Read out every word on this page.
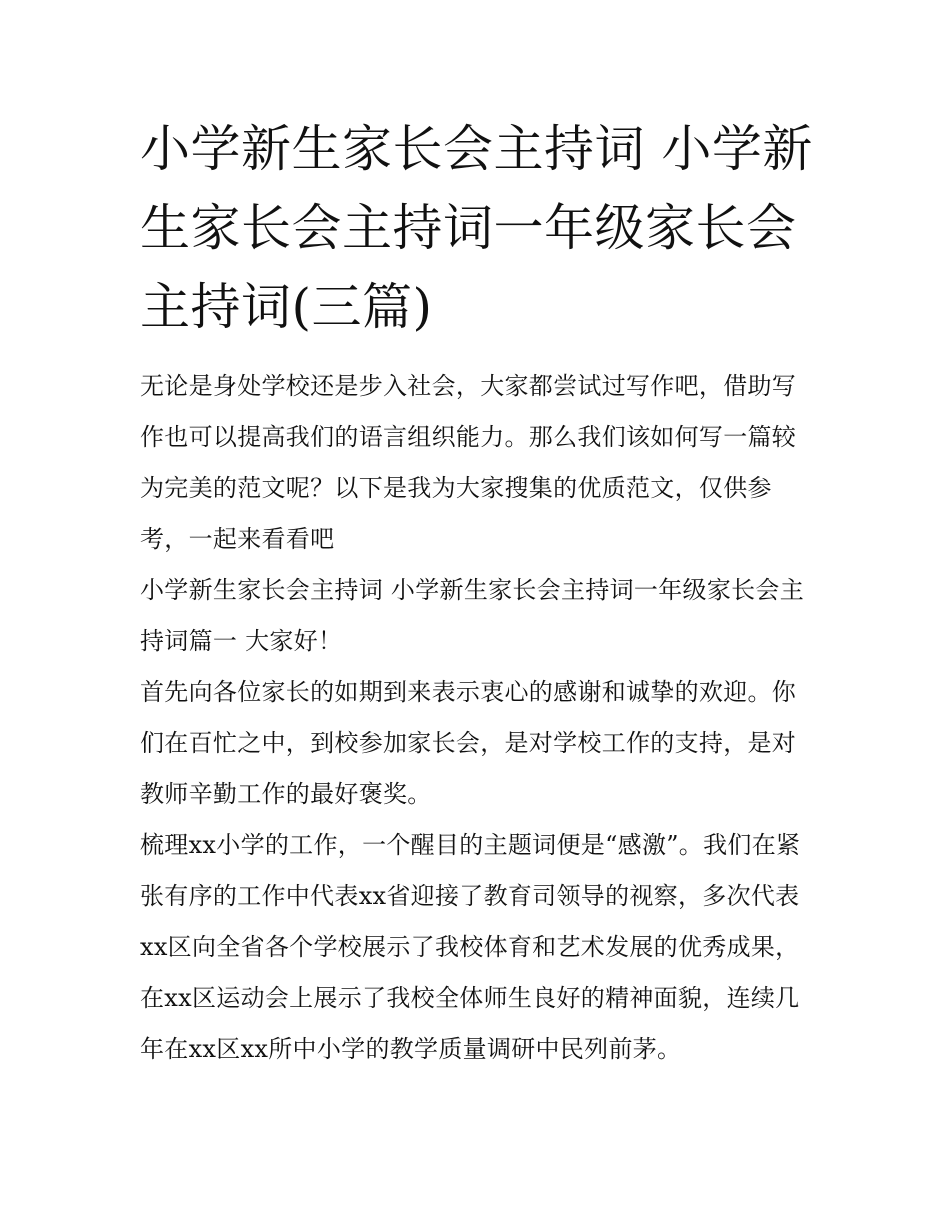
小学新生家长会主持词 小学新生家长会主持词一年级家长会主持词(三篇)

无论是身处学校还是步入社会，大家都尝试过写作吧，借助写作也可以提高我们的语言组织能力。那么我们该如何写一篇较为完美的范文呢？以下是我为大家搜集的优质范文，仅供参考，一起来看看吧

小学新生家长会主持词 小学新生家长会主持词一年级家长会主持词篇一 大家好！

首先向各位家长的如期到来表示衷心的感谢和诚挚的欢迎。你们在百忙之中，到校参加家长会，是对学校工作的支持，是对教师辛勤工作的最好褒奖。

梳理xx小学的工作，一个醒目的主题词便是“感激”。我们在紧张有序的工作中代表xx省迎接了教育司领导的视察，多次代表xx区向全省各个学校展示了我校体育和艺术发展的优秀成果，在xx区运动会上展示了我校全体师生良好的精神面貌，连续几年在xx区xx所中小学的教学质量调研中民列前茅。
